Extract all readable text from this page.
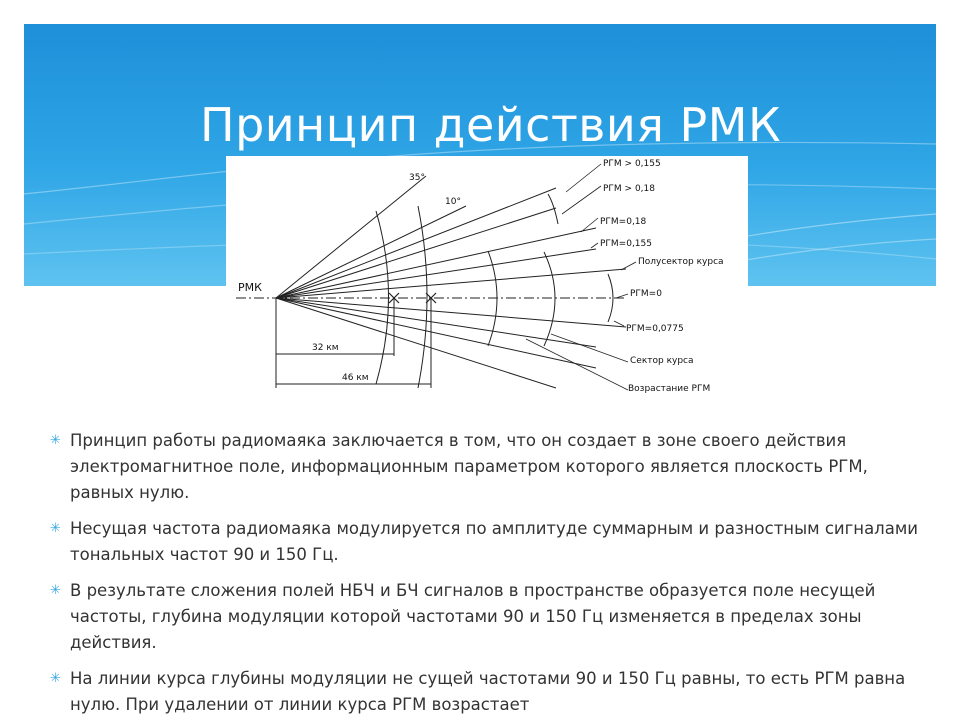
Принцип действия РМК
РМК
35°
10°
32 км
46 км
РГМ > 0,155
РГМ > 0,18
РГМ=0,18
РГМ=0,155
Полусектор курса
РГМ=0
РГМ=0,0775
Сектор курса
Возрастание РГМ
✳ Принцип работы радиомаяка заключается в том, что он создает в зоне своего действия электромагнитное поле, информационным параметром которого является плоскость РГМ, равных нулю.
✳ Несущая частота радиомаяка модулируется по амплитуде суммарным и разностным сигналами тональных частот 90 и 150 Гц.
✳ В результате сложения полей НБЧ и БЧ сигналов в пространстве образуется поле несущей частоты, глубина модуляции которой частотами 90 и 150 Гц изменяется в пределах зоны действия.
✳ На линии курса глубины модуляции не сущей частотами 90 и 150 Гц равны, то есть РГМ равна нулю. При удалении от линии курса РГМ возрастает
